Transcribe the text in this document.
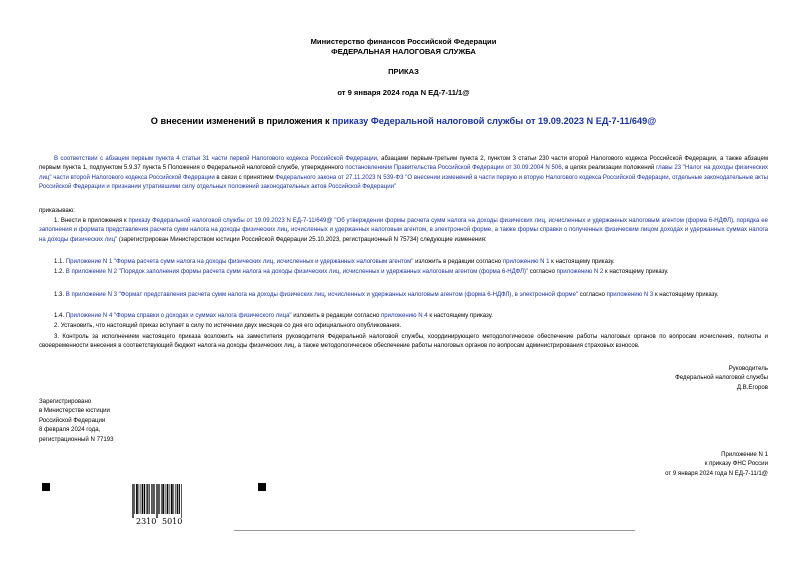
Министерство финансов Российской Федерации
ФЕДЕРАЛЬНАЯ НАЛОГОВАЯ СЛУЖБА
ПРИКАЗ
от 9 января 2024 года N ЕД-7-11/1@
О внесении изменений в приложения к приказу Федеральной налоговой службы от 19.09.2023 N ЕД-7-11/649@
В соответствии с абзацем первым пункта 4 статьи 31 части первой Налогового кодекса Российской Федерации, абзацами первым-третьим пункта 2, пунктом 3 статьи 230 части второй Налогового кодекса Российской Федерации, а также абзацем первым пункта 1, подпунктом 5.9.37 пункта 5 Положения о Федеральной налоговой службе, утвержденного постановлением Правительства Российской Федерации от 30.09.2004 N 506, в целях реализации положений главы 23 "Налог на доходы физических лиц" части второй Налогового кодекса Российской Федерации в связи с принятием Федерального закона от 27.11.2023 N 539-ФЗ "О внесении изменений в части первую и вторую Налогового кодекса Российской Федерации, отдельные законодательные акты Российской Федерации и признании утратившими силу отдельных положений законодательных актов Российской Федерации"
приказываю:
1. Внести в приложения к приказу Федеральной налоговой службы от 19.09.2023 N ЕД-7-11/649@ "Об утверждении формы расчета сумм налога на доходы физических лиц, исчисленных и удержанных налоговым агентом (форма 6-НДФЛ), порядка ее заполнения и формата представления расчета сумм налога на доходы физических лиц, исчисленных и удержанных налоговым агентом, в электронной форме, а также формы справки о полученных физическим лицом доходах и удержанных суммах налога на доходы физических лиц" (зарегистрирован Министерством юстиции Российской Федерации 25.10.2023, регистрационный N 75734) следующие изменения:
1.1. Приложение N 1 "Форма расчета сумм налога на доходы физических лиц, исчисленных и удержанных налоговым агентом" изложить в редакции согласно приложению N 1 к настоящему приказу.
1.2. В приложение N 2 "Порядок заполнения формы расчета сумм налога на доходы физических лиц, исчисленных и удержанных налоговым агентом (форма 6-НДФЛ)" согласно приложению N 2 к настоящему приказу.
1.3. В приложение N 3 "Формат представления расчета сумм налога на доходы физических лиц, исчисленных и удержанных налоговым агентом (форма 6-НДФЛ), в электронной форме" согласно приложению N 3 к настоящему приказу.
1.4. Приложение N 4 "Форма справки о доходах и суммах налога физического лица" изложить в редакции согласно приложению N 4 к настоящему приказу.
2. Установить, что настоящий приказ вступает в силу по истечении двух месяцев со дня его официального опубликования.
3. Контроль за исполнением настоящего приказа возложить на заместителя руководителя Федеральной налоговой службы, координирующего методологическое обеспечение работы налоговых органов по вопросам исчисления, полноты и своевременности внесения в соответствующий бюджет налога на доходы физических лиц, а также методологическое обеспечение работы налоговых органов по вопросам администрирования страховых взносов.
Руководитель
Федеральной налоговой службы
Д.В.Егоров
Зарегистрировано
в Министерстве юстиции
Российской Федерации
8 февраля 2024 года,
регистрационный N 77193
Приложение N 1
к приказу ФНС России
от 9 января 2024 года N ЕД-7-11/1@
2310 5010
